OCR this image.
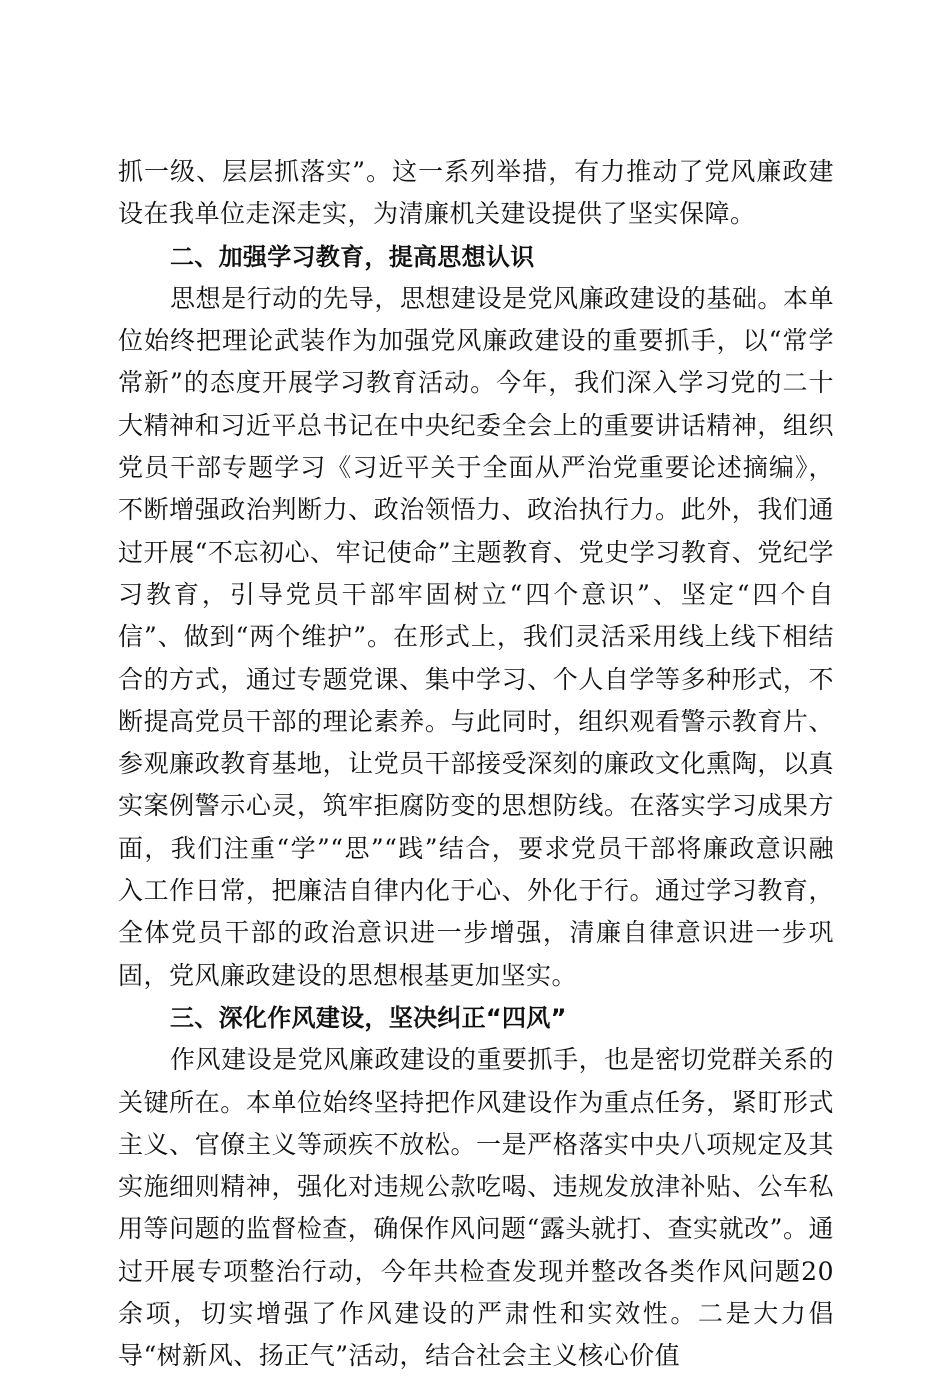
抓一级、层层抓落实”。这一系列举措，有力推动了党风廉政建设在我单位走深走实，为清廉机关建设提供了坚实保障。

二、加强学习教育，提高思想认识

思想是行动的先导，思想建设是党风廉政建设的基础。本单位始终把理论武装作为加强党风廉政建设的重要抓手，以“常学常新”的态度开展学习教育活动。今年，我们深入学习党的二十大精神和习近平总书记在中央纪委全会上的重要讲话精神，组织党员干部专题学习《习近平关于全面从严治党重要论述摘编》，不断增强政治判断力、政治领悟力、政治执行力。此外，我们通过开展“不忘初心、牢记使命”主题教育、党史学习教育、党纪学习教育，引导党员干部牢固树立“四个意识”、坚定“四个自信”、做到“两个维护”。在形式上，我们灵活采用线上线下相结合的方式，通过专题党课、集中学习、个人自学等多种形式，不断提高党员干部的理论素养。与此同时，组织观看警示教育片、参观廉政教育基地，让党员干部接受深刻的廉政文化熏陶，以真实案例警示心灵，筑牢拒腐防变的思想防线。在落实学习成果方面，我们注重“学”“思”“践”结合，要求党员干部将廉政意识融入工作日常，把廉洁自律内化于心、外化于行。通过学习教育，全体党员干部的政治意识进一步增强，清廉自律意识进一步巩固，党风廉政建设的思想根基更加坚实。

三、深化作风建设，坚决纠正“四风”

作风建设是党风廉政建设的重要抓手，也是密切党群关系的关键所在。本单位始终坚持把作风建设作为重点任务，紧盯形式主义、官僚主义等顽疾不放松。一是严格落实中央八项规定及其实施细则精神，强化对违规公款吃喝、违规发放津补贴、公车私用等问题的监督检查，确保作风问题“露头就打、查实就改”。通过开展专项整治行动，今年共检查发现并整改各类作风问题20余项，切实增强了作风建设的严肃性和实效性。二是大力倡导“树新风、扬正气”活动，结合社会主义核心价值
